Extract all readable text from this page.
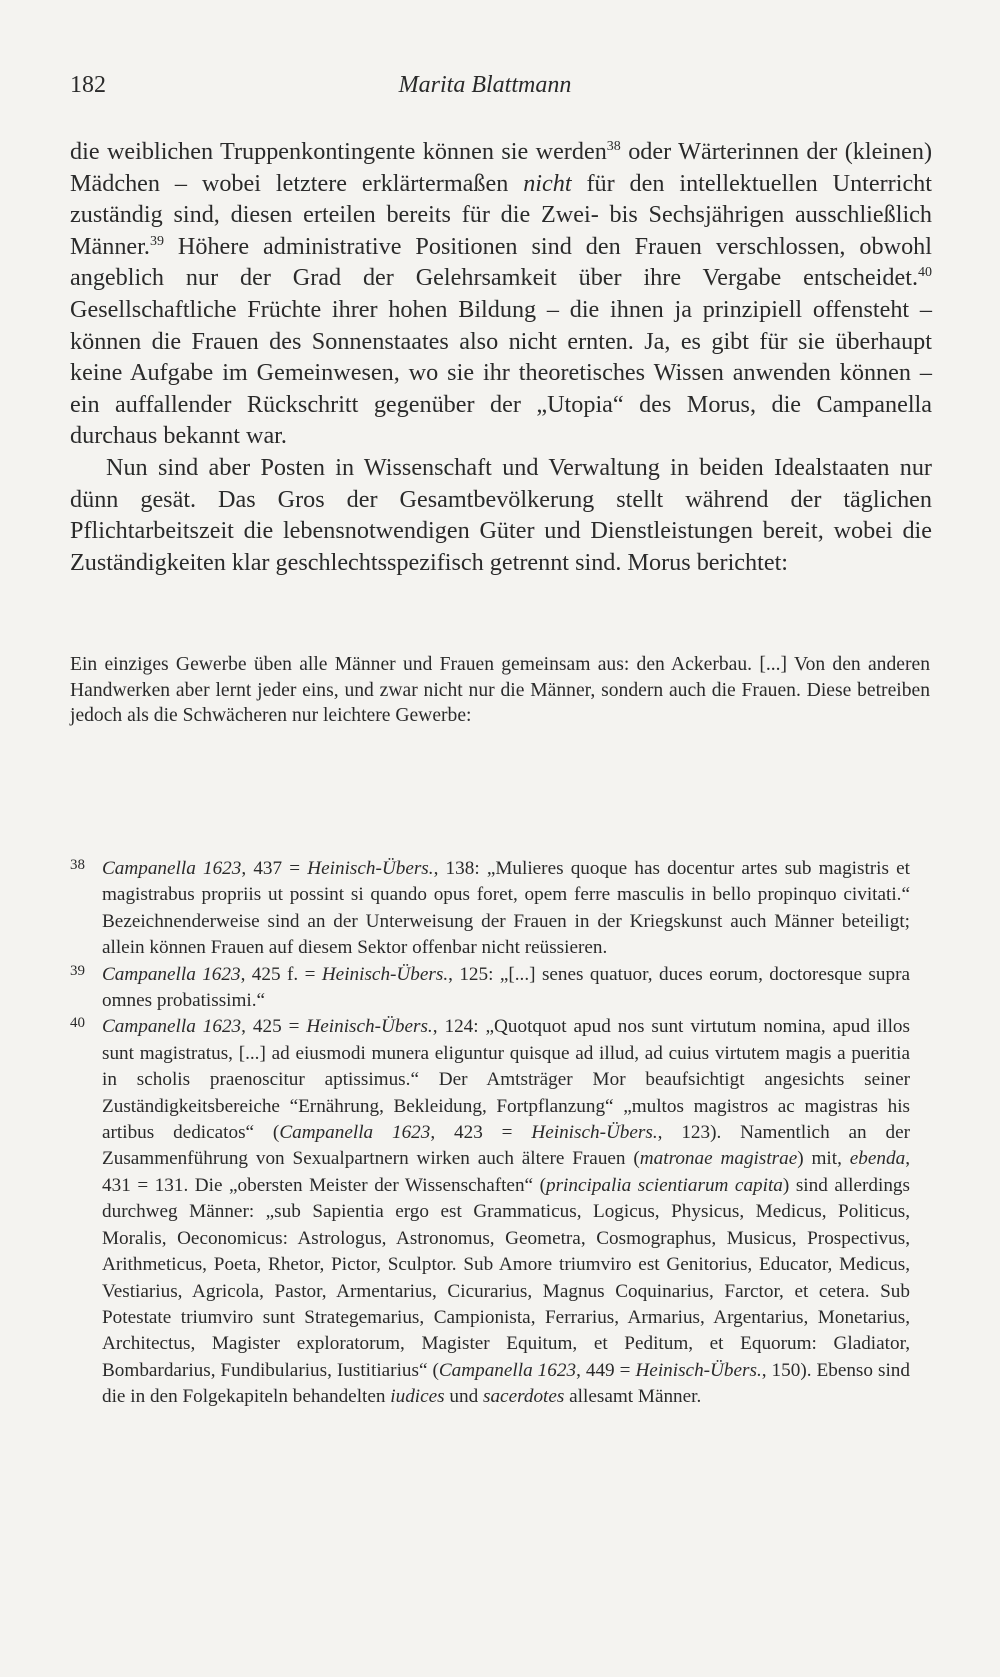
182	Marita Blattmann

die weiblichen Truppenkontingente können sie werden$^{38}$ oder Wärterinnen der (kleinen) Mädchen – wobei letztere erklärtermaßen nicht für den intellektuellen Unterricht zuständig sind, diesen erteilen bereits für die Zwei- bis Sechsjährigen ausschließlich Männer.$^{39}$ Höhere administrative Positionen sind den Frauen verschlossen, obwohl angeblich nur der Grad der Gelehrsamkeit über ihre Vergabe entscheidet.$^{40}$ Gesellschaftliche Früchte ihrer hohen Bildung – die ihnen ja prinzipiell offensteht – können die Frauen des Sonnenstaates also nicht ernten. Ja, es gibt für sie überhaupt keine Aufgabe im Gemeinwesen, wo sie ihr theoretisches Wissen anwenden können – ein auffallender Rückschritt gegenüber der „Utopia“ des Morus, die Campanella durchaus bekannt war.

Nun sind aber Posten in Wissenschaft und Verwaltung in beiden Idealstaaten nur dünn gesät. Das Gros der Gesamtbevölkerung stellt während der täglichen Pflichtarbeitszeit die lebensnotwendigen Güter und Dienstleistungen bereit, wobei die Zuständigkeiten klar geschlechtsspezifisch getrennt sind. Morus berichtet:

Ein einziges Gewerbe üben alle Männer und Frauen gemeinsam aus: den Ackerbau. [...] Von den anderen Handwerken aber lernt jeder eins, und zwar nicht nur die Männer, sondern auch die Frauen. Diese betreiben jedoch als die Schwächeren nur leichtere Gewerbe:

38 Campanella 1623, 437 = Heinisch-Übers., 138: „Mulieres quoque has docentur artes sub magistris et magistrabus propriis ut possint si quando opus foret, opem ferre masculis in bello propinquo civitati.“ Bezeichnenderweise sind an der Unterweisung der Frauen in der Kriegskunst auch Männer beteiligt; allein können Frauen auf diesem Sektor offenbar nicht reüssieren.
39 Campanella 1623, 425 f. = Heinisch-Übers., 125: „[...] senes quatuor, duces eorum, doctoresque supra omnes probatissimi.“
40 Campanella 1623, 425 = Heinisch-Übers., 124: „Quotquot apud nos sunt virtutum nomina, apud illos sunt magistratus, [...] ad eiusmodi munera eliguntur quisque ad illud, ad cuius virtutem magis a pueritia in scholis praenoscitur aptissimus.“ Der Amtsträger Mor beaufsichtigt angesichts seiner Zuständigkeitsbereiche “Ernährung, Bekleidung, Fortpflanzung“ „multos magistros ac magistras his artibus dedicatos“ (Campanella 1623, 423 = Heinisch-Übers., 123). Namentlich an der Zusammenführung von Sexualpartnern wirken auch ältere Frauen (matronae magistrae) mit, ebenda, 431 = 131. Die „obersten Meister der Wissenschaften“ (principalia scientiarum capita) sind allerdings durchweg Männer: „sub Sapientia ergo est Grammaticus, Logicus, Physicus, Medicus, Politicus, Moralis, Oeconomicus: Astrologus, Astronomus, Geometra, Cosmographus, Musicus, Prospectivus, Arithmeticus, Poeta, Rhetor, Pictor, Sculptor. Sub Amore triumviro est Genitorius, Educator, Medicus, Vestiarius, Agricola, Pastor, Armentarius, Cicurarius, Magnus Coquinarius, Farctor, et cetera. Sub Potestate triumviro sunt Strategemarius, Campionista, Ferrarius, Armarius, Argentarius, Monetarius, Architectus, Magister exploratorum, Magister Equitum, et Peditum, et Equorum: Gladiator, Bombardarius, Fundibularius, Iustitiarius“ (Campanella 1623, 449 = Heinisch-Übers., 150). Ebenso sind die in den Folgekapiteln behandelten iudices und sacerdotes allesamt Männer.
